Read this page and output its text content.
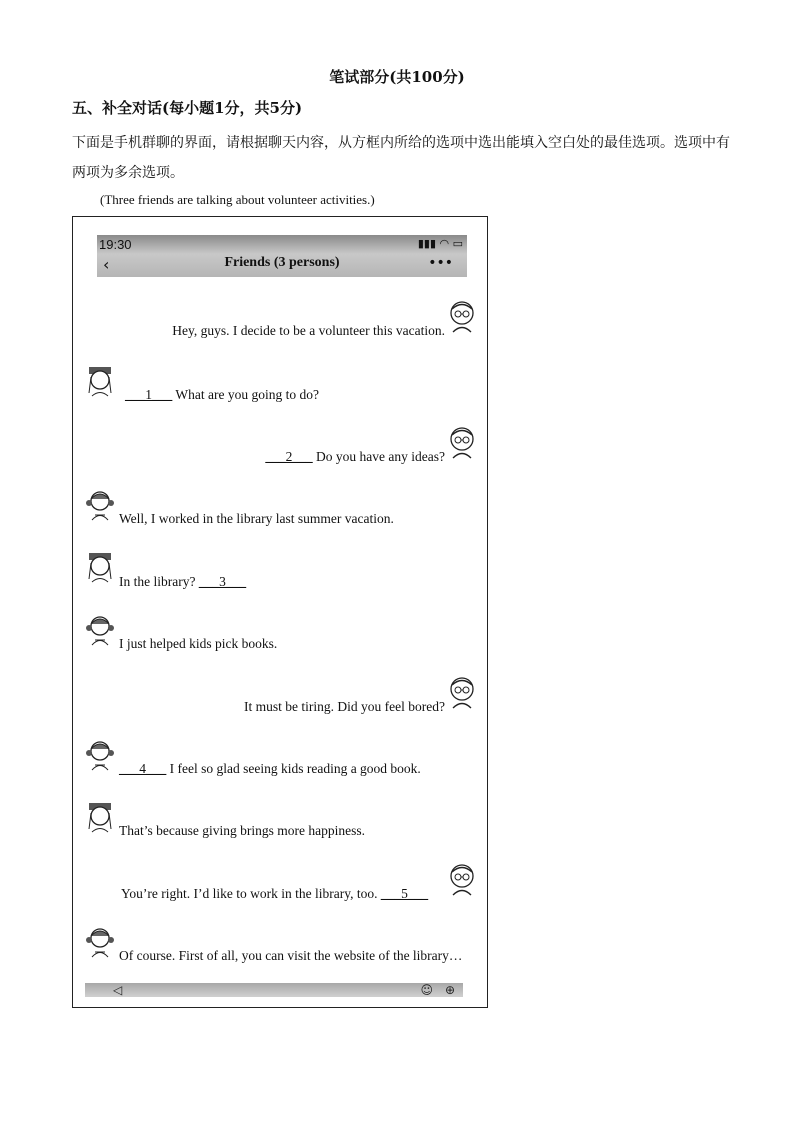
笔试部分(共100分)
五、补全对话(每小题1分，共5分)
下面是手机群聊的界面，请根据聊天内容，从方框内所给的选项中选出能填入空白处的最佳选项。选项中有两项为多余选项。
(Three friends are talking about volunteer activities.)
19:30	▮▮▮ ◠ ▭
‹	Friends (3 persons)	•••
Hey, guys. I decide to be a volunteer this vacation.
___1___ What are you going to do?
___2___ Do you have any ideas?
Well, I worked in the library last summer vacation.
In the library? ___3___
I just helped kids pick books.
It must be tiring. Did you feel bored?
___4___ I feel so glad seeing kids reading a good book.
That’s because giving brings more happiness.
You’re right. I’d like to work in the library, too. ___5___
Of course. First of all, you can visit the website of the library…
◁	☺ ⊕
